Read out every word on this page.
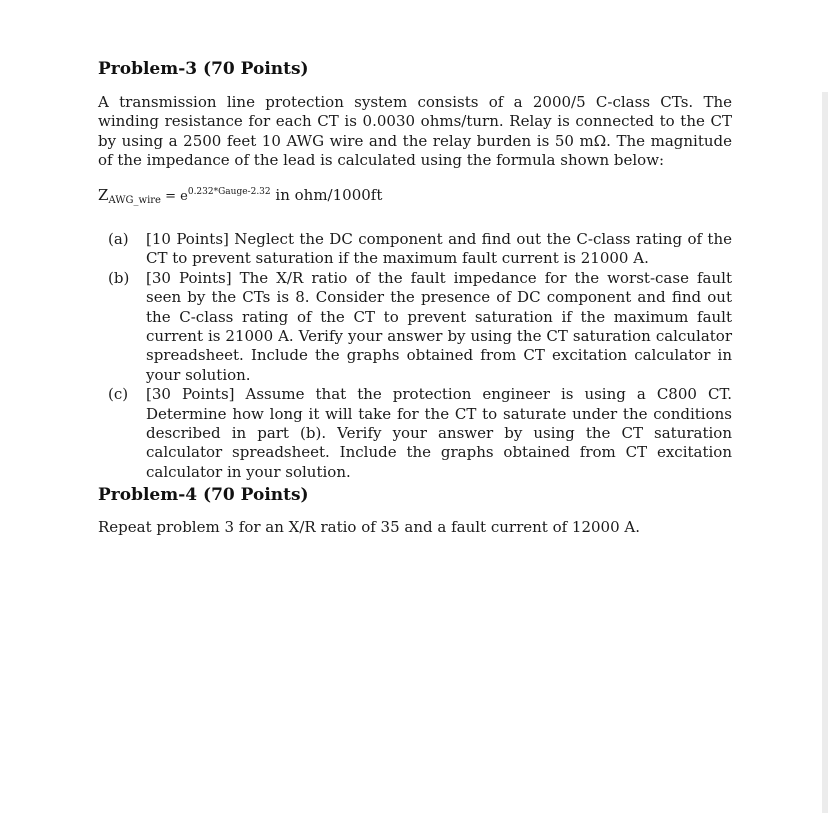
Problem-3 (70 Points)
A transmission line protection system consists of a 2000/5 C-class CTs. The winding resistance for each CT is 0.0030 ohms/turn. Relay is connected to the CT by using a 2500 feet 10 AWG wire and the relay burden is 50 mΩ. The magnitude of the impedance of the lead is calculated using the formula shown below:
$Z_{AWG\_wire} = e^{0.232*Gauge-2.32}$ in ohm/1000ft
(a)	[10 Points] Neglect the DC component and find out the C-class rating of the CT to prevent saturation if the maximum fault current is 21000 A.
(b)	[30 Points] The X/R ratio of the fault impedance for the worst-case fault seen by the CTs is 8. Consider the presence of DC component and find out the C-class rating of the CT to prevent saturation if the maximum fault current is 21000 A. Verify your answer by using the CT saturation calculator spreadsheet. Include the graphs obtained from CT excitation calculator in your solution.
(c)	[30 Points] Assume that the protection engineer is using a C800 CT. Determine how long it will take for the CT to saturate under the conditions described in part (b). Verify your answer by using the CT saturation calculator spreadsheet. Include the graphs obtained from CT excitation calculator in your solution.
Problem-4 (70 Points)
Repeat problem 3 for an X/R ratio of 35 and a fault current of 12000 A.
